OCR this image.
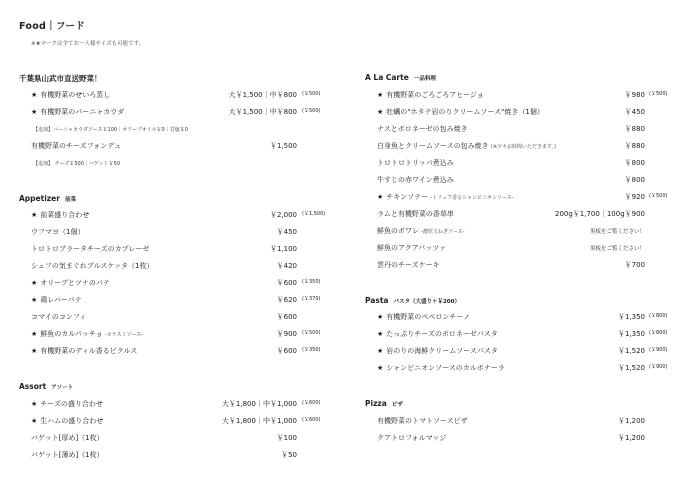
Food｜フード
※★マークは全てお一人様サイズも可能です。
千葉県山武市直送野菜！
★ 有機野菜のせいろ蒸し	大￥1,500｜中￥800 (￥500)
★ 有機野菜のバーニャカウダ	大￥1,500｜中￥800 (￥500)
【追加】バーニャカウダソース￥100｜オリーブオイル￥0｜岩塩￥0
有機野菜のチーズフォンデュ	￥1,500
【追加】 チーズ￥500｜バゲット￥50
Appetizer 前菜
★ 前菜盛り合わせ	￥2,000 (￥1,500)
ウフマヨ（1個）	￥450
トロトロブラータチーズのカプレーゼ	￥1,100
シェフの気まぐれブルスケッタ（1枚）	￥420
★ オリーブとツナのパテ	￥600 (￥350)
★ 鶏レバーパテ	￥620 (￥370)
コマイのコンフィ	￥600
★ 鮮魚のカルパッチョ -カラスミソース-	￥900 (￥500)
★ 有機野菜のディル香るピクルス	￥600 (￥350)
Assort アソート
★ チーズの盛り合わせ	大￥1,800｜中￥1,000 (￥600)
★ 生ハムの盛り合わせ	大￥1,800｜中￥1,000 (￥600)
バゲット[厚め]（1枚）	￥100
バゲット[薄め]（1枚）	￥50
A La Carte 一品料理
★ 有機野菜のごろごろアヒージョ	￥980 (￥500)
★ 牡蠣の"ホタテ岩のりクリームソース"焼き（1個）	￥450
ナスとボロネーゼの包み焼き	￥880
白身魚とクリームソースの包み焼き (※少々お時間いただきます。)	￥880
トロトロトリッパ煮込み	￥800
牛すじの赤ワイン煮込み	￥800
★ チキンソテー -トリュフ香るシャンピニオンソース-	￥920 (￥500)
ラムと有機野菜の香草串	200g￥1,700｜100g￥900
鮮魚のポワレ -濃厚玉ねぎソース-	黒板をご覧ください！
鮮魚のアクアパッツァ	黒板をご覧ください！
雲丹のチーズケーキ	￥700
Pasta パスタ（大盛り＋￥200）
★ 有機野菜のペペロンチーノ	￥1,350 (￥800)
★ たっぷりチーズのボロネーゼパスタ	￥1,350 (￥800)
★ 岩のりの海鮮クリームソースパスタ	￥1,520 (￥900)
★ シャンピニオンソースのカルボナーラ	￥1,520 (￥900)
Pizza ピザ
有機野菜のトマトソースピザ	￥1,200
クアトロフォルマッジ	￥1,200
